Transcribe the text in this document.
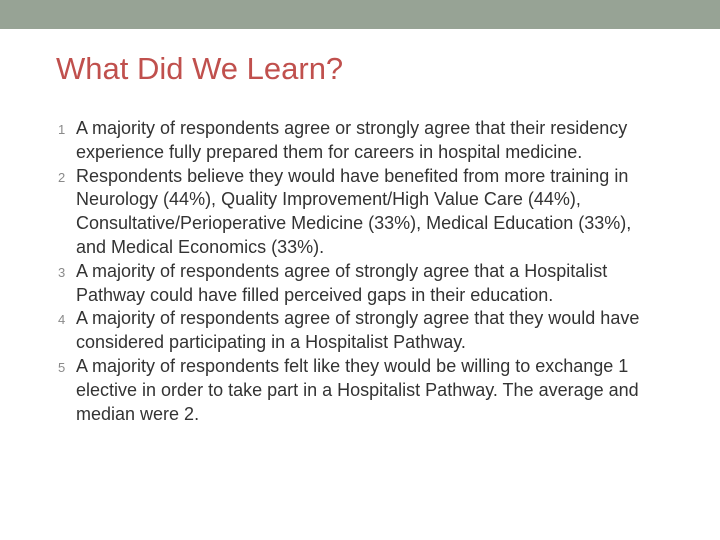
What Did We Learn?
1 A majority of respondents agree or strongly agree that their residency experience fully prepared them for careers in hospital medicine.
2 Respondents believe they would have benefited from more training in Neurology (44%), Quality Improvement/High Value Care (44%), Consultative/Perioperative Medicine (33%), Medical Education (33%), and Medical Economics (33%).
3 A majority of respondents agree of strongly agree that a Hospitalist Pathway could have filled perceived gaps in their education.
4 A majority of respondents agree of strongly agree that they would have considered participating in a Hospitalist Pathway.
5 A majority of respondents felt like they would be willing to exchange 1 elective in order to take part in a Hospitalist Pathway. The average and median were 2.
